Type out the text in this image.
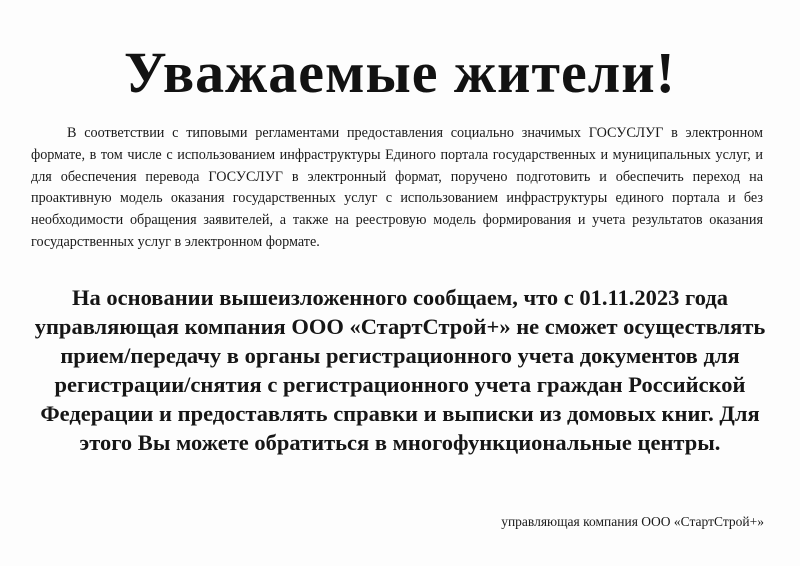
Уважаемые жители!
В соответствии с типовыми регламентами предоставления социально значимых ГОСУСЛУГ в электронном формате, в том числе с использованием инфраструктуры Единого портала государственных и муниципальных услуг, и для обеспечения перевода ГОСУСЛУГ в электронный формат, поручено подготовить и обеспечить переход на проактивную модель оказания государственных услуг с использованием инфраструктуры единого портала и без необходимости обращения заявителей, а также на реестровую модель формирования и учета результатов оказания государственных услуг в электронном формате.
На основании вышеизложенного сообщаем, что с 01.11.2023 года управляющая компания ООО «СтартСтрой+» не сможет осуществлять прием/передачу в органы регистрационного учета документов для регистрации/снятия с регистрационного учета граждан Российской Федерации и предоставлять справки и выписки из домовых книг. Для этого Вы можете обратиться в многофункциональные центры.
управляющая компания ООО «СтартСтрой+»
